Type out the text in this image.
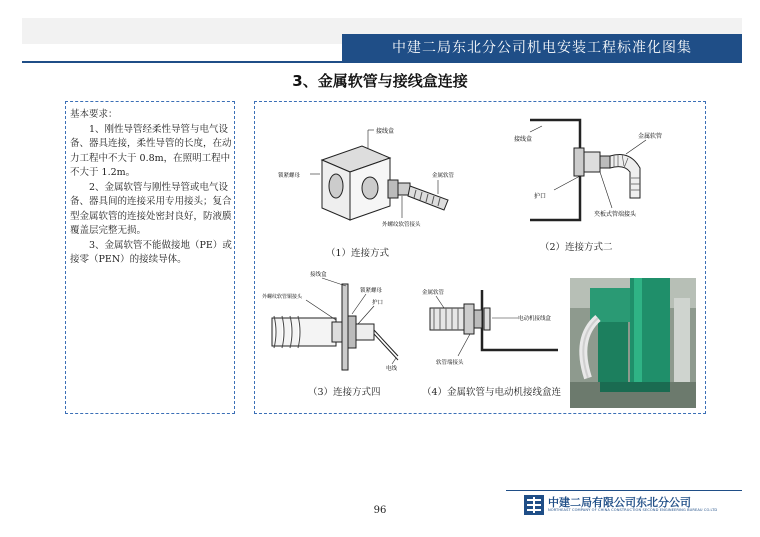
中建二局东北分公司机电安装工程标准化图集
3、金属软管与接线盒连接

基本要求：

1、刚性导管经柔性导管与电气设备、器具连接，柔性导管的长度，在动力工程中不大于 0.8m，在照明工程中不大于 1.2m。

2、金属软管与刚性导管或电气设备、器具间的连接采用专用接头；复合型金属软管的连接处密封良好，防液膜覆盖层完整无损。

3、金属软管不能做接地（PE）或接零（PEN）的接续导体。

接线盒
锁紧螺母	金属软管
外螺纹软管接头
（1）连接方式
接线盒	金属软管
护口
夹板式管端接头
（2）连接方式二
接线盒
外螺纹软管铜接头
锁紧螺母
护口
电线
（3）连接方式四
金属软管
电动机接线盒
软管端接头
（4）金属软管与电动机接线盒连
96
中建二局有限公司东北分公司
NORTHEAST COMPANY OF CHINA CONSTRUCTION SECOND ENGINEERING BUREAU CO.LTD
